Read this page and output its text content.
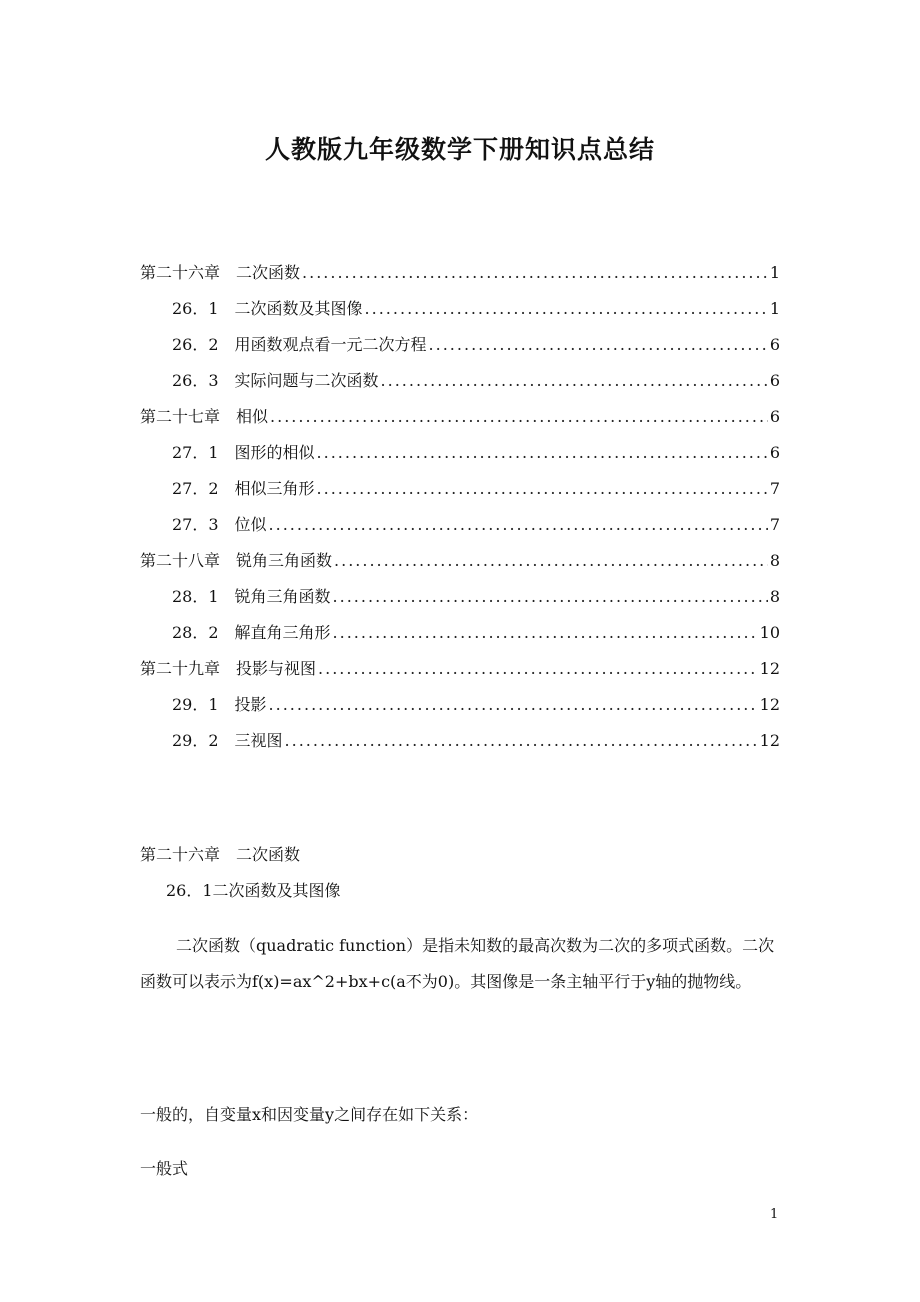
人教版九年级数学下册知识点总结
第二十六章　二次函数 .....	1
26．1　二次函数及其图像 .....	1
26．2　用函数观点看一元二次方程 .....	6
26．3　实际问题与二次函数 .....	6
第二十七章　相似 .....	6
27．1　图形的相似 .....	6
27．2　相似三角形 .....	7
27．3　位似 .....	7
第二十八章　锐角三角函数 .....	8
28．1　锐角三角函数 .....	8
28．2　解直角三角形 .....	10
第二十九章　投影与视图 .....	12
29．1　投影 .....	12
29．2　三视图 .....	12
第二十六章　二次函数
26．1二次函数及其图像
二次函数（quadratic function）是指未知数的最高次数为二次的多项式函数。二次函数可以表示为f(x)=ax^2+bx+c(a不为0)。其图像是一条主轴平行于y轴的抛物线。
一般的，自变量x和因变量y之间存在如下关系：
一般式
1
